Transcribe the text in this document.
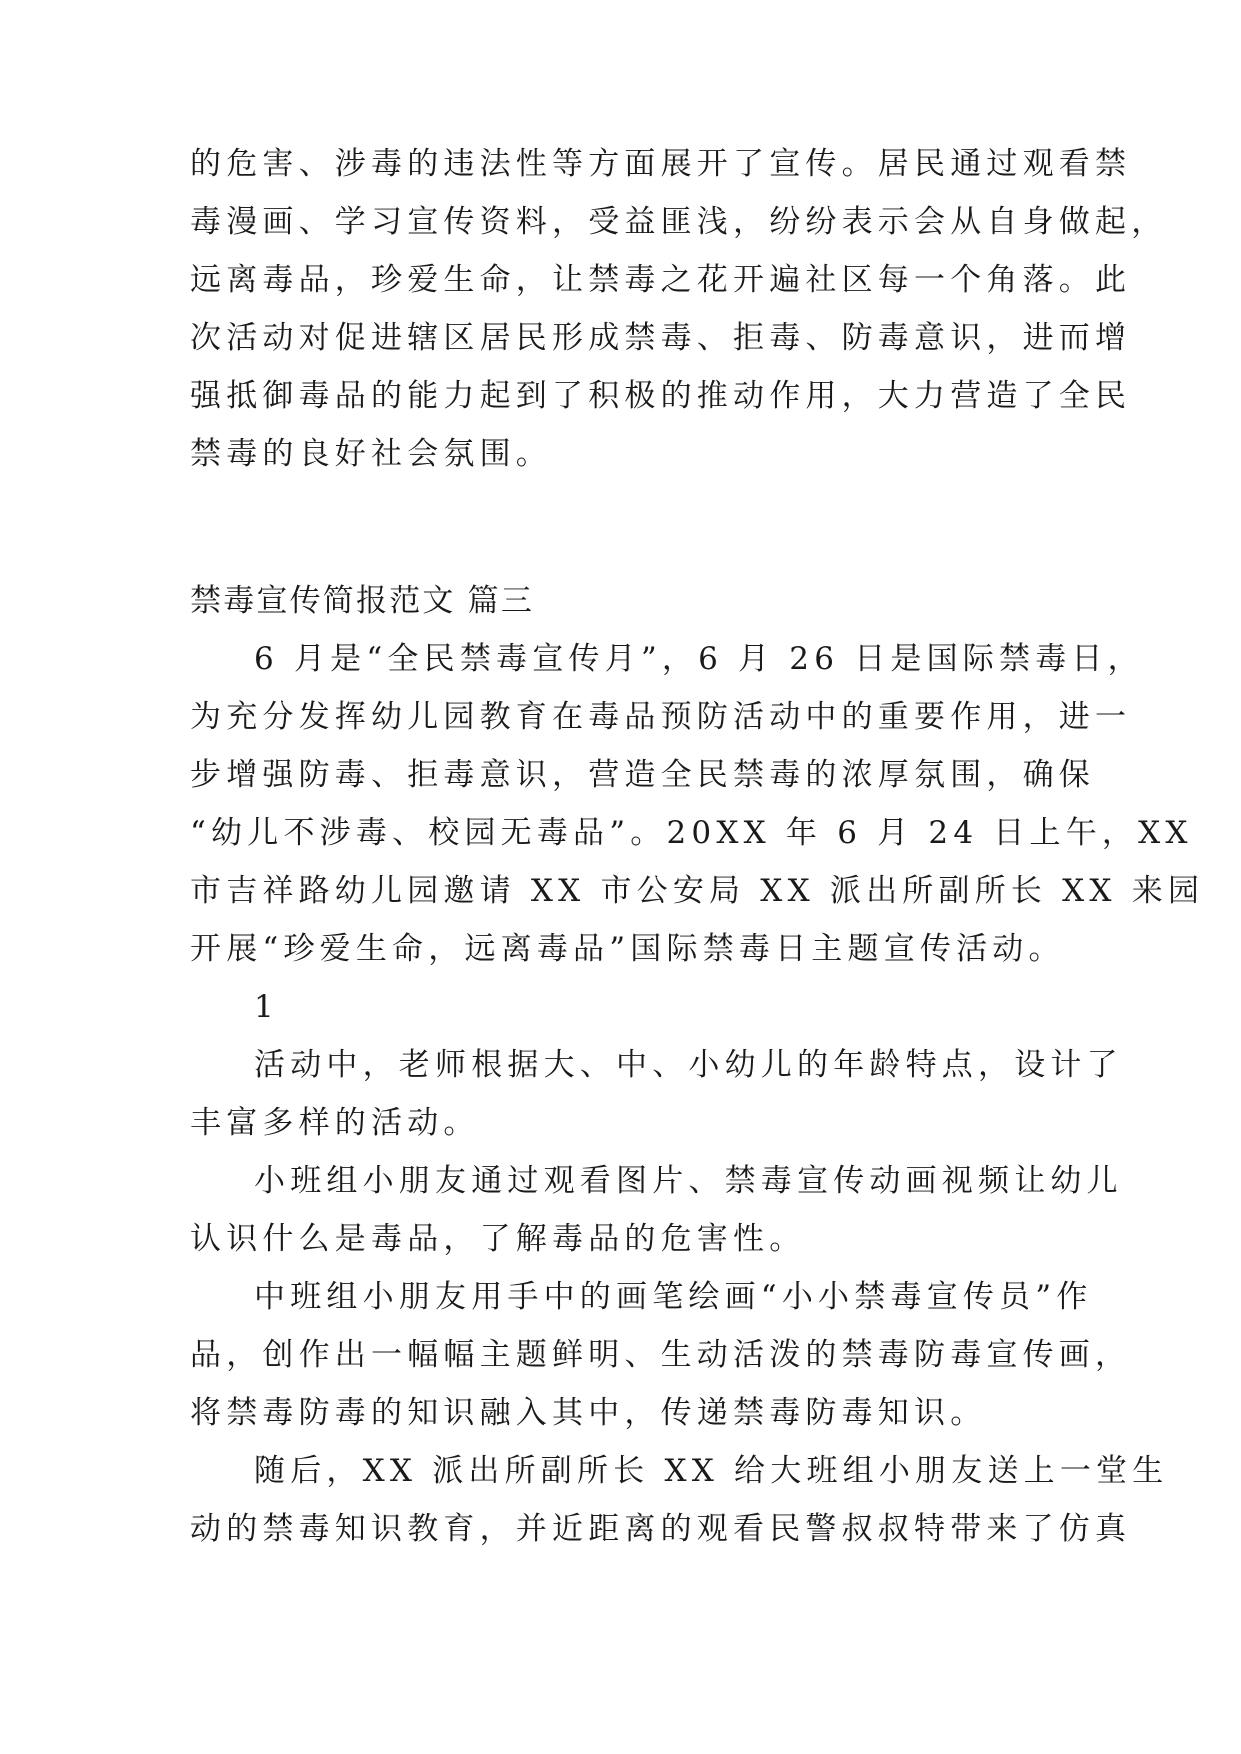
的危害、涉毒的违法性等方面展开了宣传。居民通过观看禁
毒漫画、学习宣传资料，受益匪浅，纷纷表示会从自身做起，
远离毒品，珍爱生命，让禁毒之花开遍社区每一个角落。此
次活动对促进辖区居民形成禁毒、拒毒、防毒意识，进而增
强抵御毒品的能力起到了积极的推动作用，大力营造了全民
禁毒的良好社会氛围。
禁毒宣传简报范文 篇三
6 月是“全民禁毒宣传月”，6 月 26 日是国际禁毒日，
为充分发挥幼儿园教育在毒品预防活动中的重要作用，进一
步增强防毒、拒毒意识，营造全民禁毒的浓厚氛围，确保
“幼儿不涉毒、校园无毒品”。20XX 年 6 月 24 日上午，XX
市吉祥路幼儿园邀请 XX 市公安局 XX 派出所副所长 XX 来园
开展“珍爱生命，远离毒品”国际禁毒日主题宣传活动。
1
活动中，老师根据大、中、小幼儿的年龄特点，设计了
丰富多样的活动。
小班组小朋友通过观看图片、禁毒宣传动画视频让幼儿
认识什么是毒品，了解毒品的危害性。
中班组小朋友用手中的画笔绘画“小小禁毒宣传员”作
品，创作出一幅幅主题鲜明、生动活泼的禁毒防毒宣传画，
将禁毒防毒的知识融入其中，传递禁毒防毒知识。
随后，XX 派出所副所长 XX 给大班组小朋友送上一堂生
动的禁毒知识教育，并近距离的观看民警叔叔特带来了仿真
